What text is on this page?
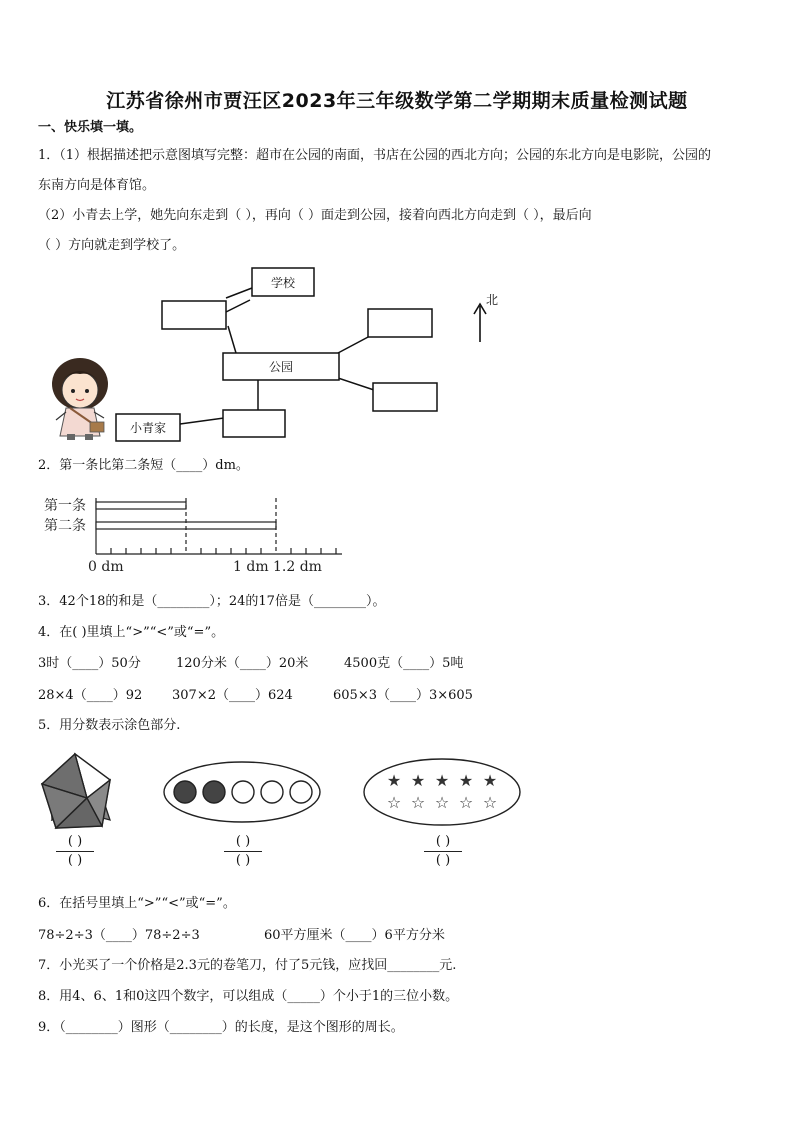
江苏省徐州市贾汪区2023年三年级数学第二学期期末质量检测试题
一、快乐填一填。
1．（1）根据描述把示意图填写完整：超市在公园的南面，书店在公园的西北方向；公园的东北方向是电影院，公园的
东南方向是体育馆。
（2）小青去上学，她先向东走到（ ），再向（ ）面走到公园，接着向西北方向走到（ ），最后向
（ ）方向就走到学校了。
学校
公园
小青家
北
2．第一条比第二条短（____）dm。
第一条
第二条
0 dm	1 dm 1.2 dm
3．42个18的和是（________）；24的17倍是（________）。
4．在( )里填上“>”“<”或“=”。
3时（____）50分	120分米（____）20米	4500克（____）5吨
28×4（____）92 307×2（____）624	605×3（____）3×605
5．用分数表示涂色部分.
★ ★ ★ ★ ★
☆ ☆ ☆ ☆ ☆
( )
( )
( )
( )
( )
( )
6．在括号里填上“>”“<”或“=”。
78÷2÷3（____）78÷2÷3	60平方厘米（____）6平方分米
7．小光买了一个价格是2.3元的卷笔刀，付了5元钱，应找回________元.
8．用4、6、1和0这四个数字，可以组成（_____）个小于1的三位小数。
9．（________）图形（________）的长度，是这个图形的周长。
